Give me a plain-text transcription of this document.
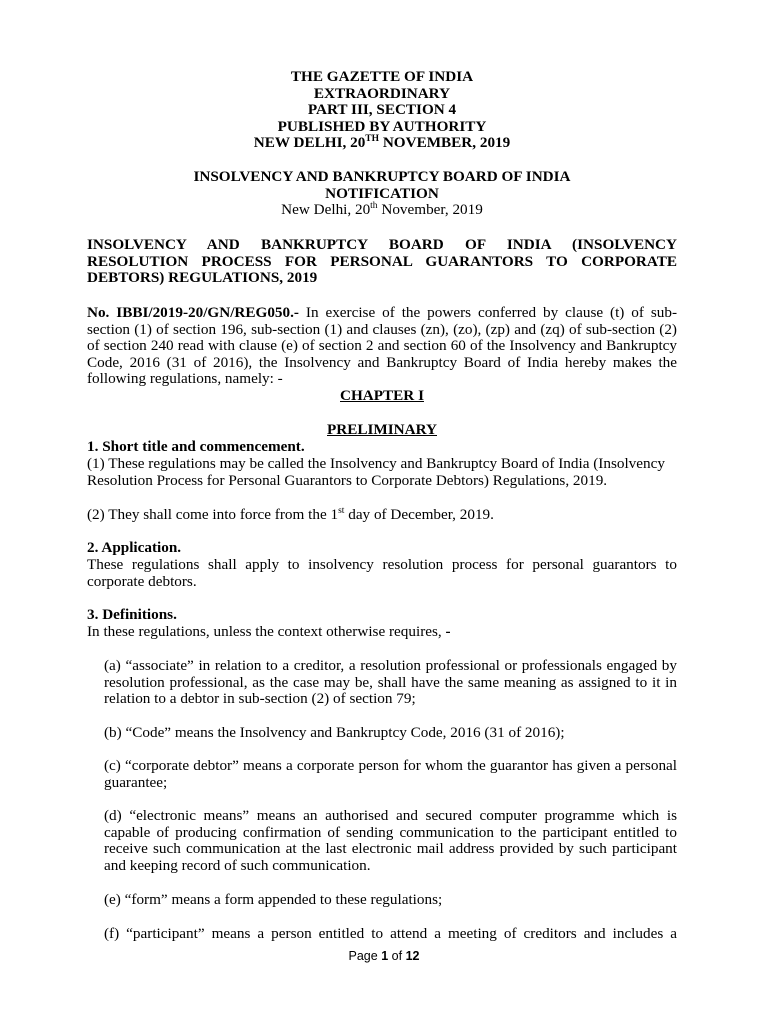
THE GAZETTE OF INDIA

EXTRAORDINARY

PART III, SECTION 4

PUBLISHED BY AUTHORITY

NEW DELHI, 20TH NOVEMBER, 2019

INSOLVENCY AND BANKRUPTCY BOARD OF INDIA

NOTIFICATION

New Delhi, 20th November, 2019

INSOLVENCY AND BANKRUPTCY BOARD OF INDIA (INSOLVENCY

RESOLUTION PROCESS FOR PERSONAL GUARANTORS TO CORPORATE

DEBTORS) REGULATIONS, 2019

No. IBBI/2019-20/GN/REG050.- In exercise of the powers conferred by clause (t) of sub-section (1) of section 196, sub-section (1) and clauses (zn), (zo), (zp) and (zq) of sub-section (2) of section 240 read with clause (e) of section 2 and section 60 of the Insolvency and Bankruptcy Code, 2016 (31 of 2016), the Insolvency and Bankruptcy Board of India hereby makes the following regulations, namely: -

CHAPTER I
PRELIMINARY
1. Short title and commencement.
(1) These regulations may be called the Insolvency and Bankruptcy Board of India (Insolvency Resolution Process for Personal Guarantors to Corporate Debtors) Regulations, 2019.
(2) They shall come into force from the 1st day of December, 2019.
2. Application.
These regulations shall apply to insolvency resolution process for personal guarantors to corporate debtors.
3. Definitions.
In these regulations, unless the context otherwise requires, -
(a) “associate” in relation to a creditor, a resolution professional or professionals engaged by resolution professional, as the case may be, shall have the same meaning as assigned to it in relation to a debtor in sub-section (2) of section 79;
(b) “Code” means the Insolvency and Bankruptcy Code, 2016 (31 of 2016);
(c) “corporate debtor” means a corporate person for whom the guarantor has given a personal guarantee;
(d) “electronic means” means an authorised and secured computer programme which is capable of producing confirmation of sending communication to the participant entitled to receive such communication at the last electronic mail address provided by such participant and keeping record of such communication.
(e) “form” means a form appended to these regulations;
(f) “participant” means a person entitled to attend a meeting of creditors and includes a
Page 1 of 12
